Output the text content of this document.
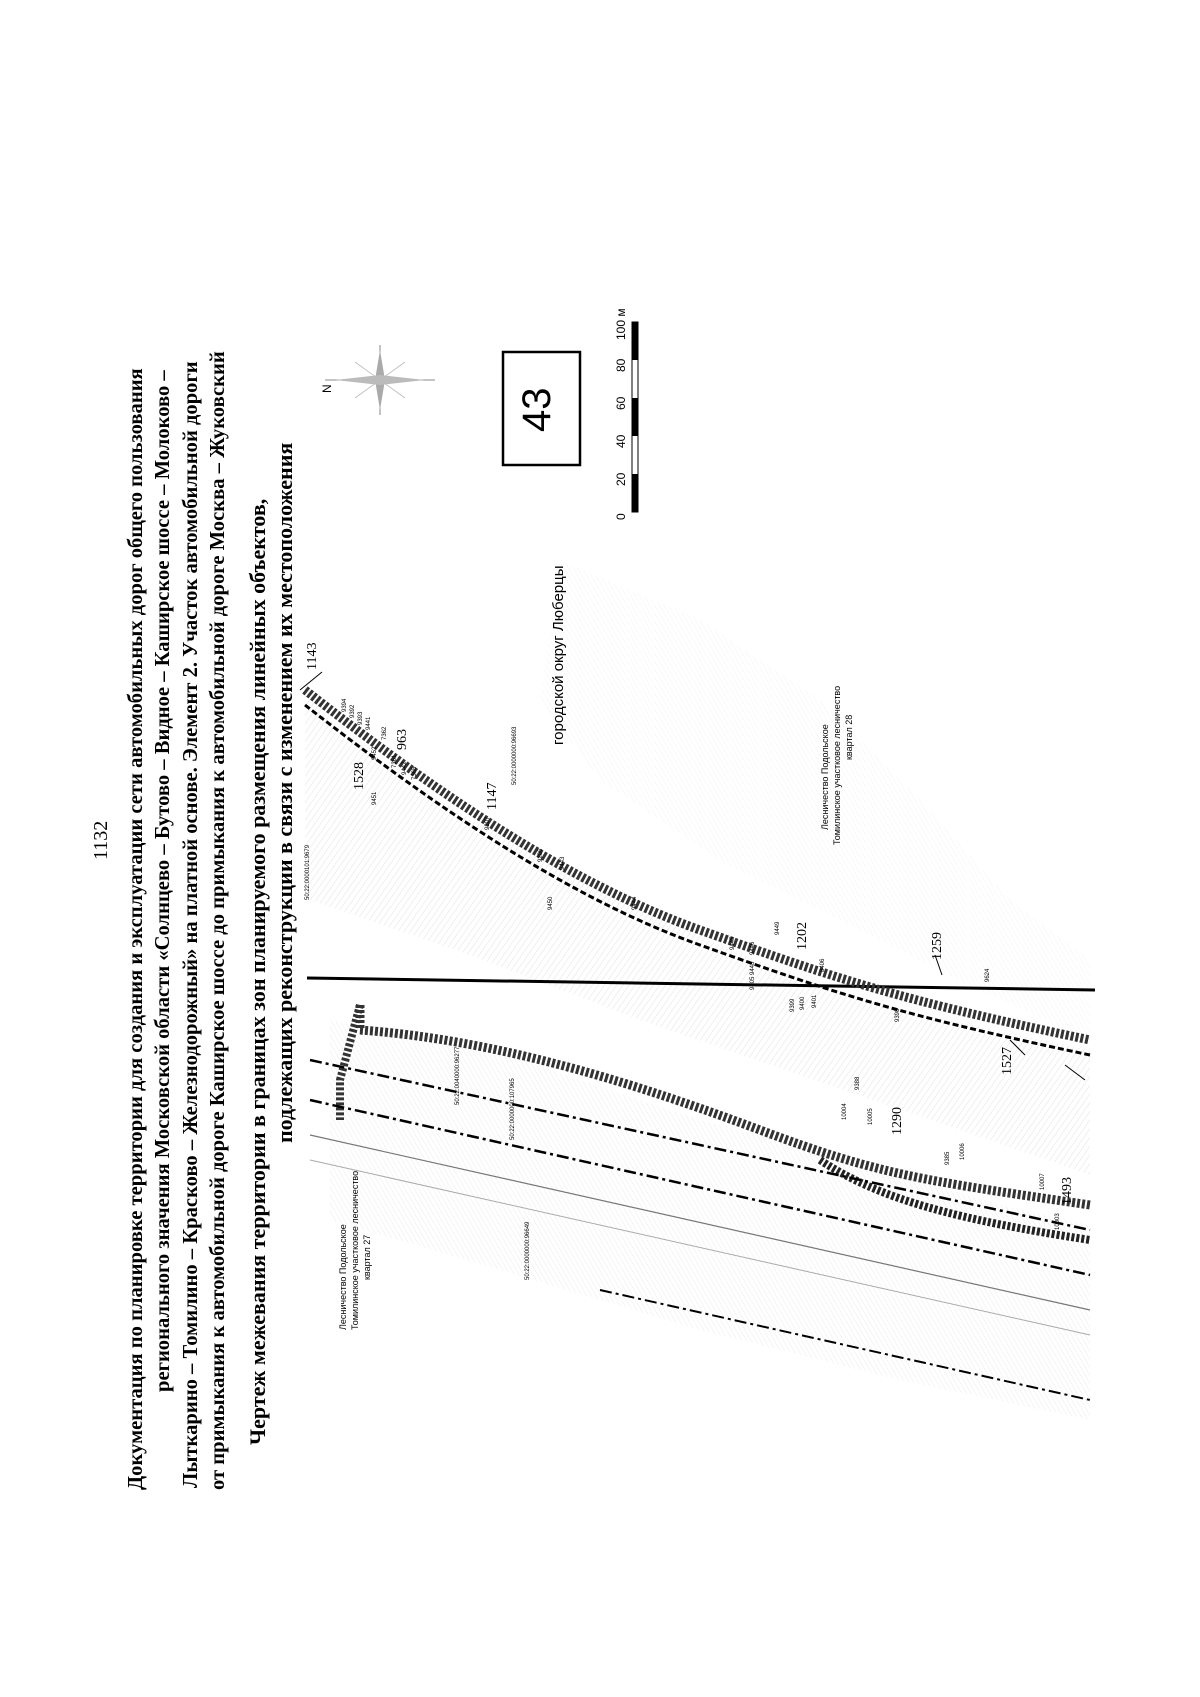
1132 Документация по планировке территории для создания и эксплуатации сети автомобильных дорог общего пользования регионального значения Московской области «Солнцево – Бутово – Видное – Каширское шоссе – Молоково – Лыткарино – Томилино – Красково – Железнодорожный» на платной основе. Элемент 2. Участок автомобильной дороги от примыкания к автомобильной дороге Каширское шоссе до примыкания к автомобильной дороге Москва – Жуковский Чертеж межевания территории в границах зон планируемого размещения линейных объектов, подлежащих реконструкции в связи с изменением их местоположения
N	43
0
20
40
60
80
100 м
городской округ Люберцы
Лесничество Подольское Томилинское участковое лесничество квартал 27
Лесничество Подольское Томилинское участковое лесничество квартал 28
50:22:0000101:9679
50:22:0000000:96693
50:22:0040000:96277
50:22:0000000:107965
50:22:0000000:96649
1143
963
1528
1147
1202	1259
1527
1290
1493
9394 9392
9393 9441
9452
7362
7361
9451
9442 7365
9207
9206
9450
9443
9444
9445 9446
9449
9405
9448
9399 9400 9401
8406
9624
9398
9388
10004	10005
9385 10006
10007
10003
